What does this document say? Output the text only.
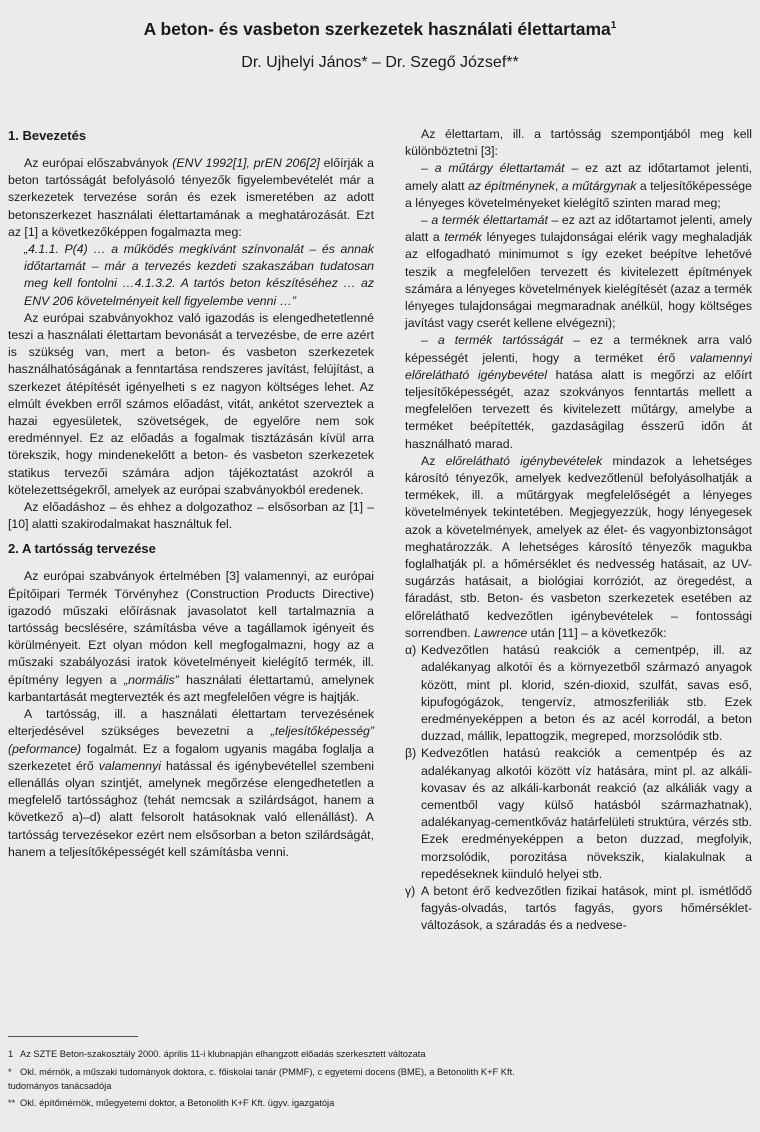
A beton- és vasbeton szerkezetek használati élettartama$^1$
Dr. Ujhelyi János* – Dr. Szegő József**
1. Bevezetés

Az európai előszabványok (ENV 1992[1], prEN 206[2] előírják a beton tartósságát befolyásoló tényezők figyelembevételét már a szerkezetek tervezése során és ezek ismeretében az adott betonszerkezet használati élettartamának a meghatározását. Ezt az [1] a következőképpen fogalmazta meg:

„4.1.1. P(4) … a működés megkívánt színvonalát – és annak időtartamát – már a tervezés kezdeti szakaszában tudatosan meg kell fontolni …4.1.3.2. A tartós beton készítéséhez … az ENV 206 követelményeit kell figyelembe venni …”

Az európai szabványokhoz való igazodás is elengedhetetlenné teszi a használati élettartam bevonását a tervezésbe, de erre azért is szükség van, mert a beton- és vasbeton szerkezetek használhatóságának a fenntartása rendszeres javítást, felújítást, a szerkezet átépítését igényelheti s ez nagyon költséges lehet. Az elmúlt években erről számos előadást, vitát, ankétot szerveztek a hazai egyesületek, szövetségek, de egyelőre nem sok eredménnyel. Ez az előadás a fogalmak tisztázásán kívül arra törekszik, hogy mindenekelőtt a beton- és vasbeton szerkezetek statikus tervezői számára adjon tájékoztatást azokról a kötelezettségekről, amelyek az európai szabványokból eredenek.

Az előadáshoz – és ehhez a dolgozathoz – elsősorban az [1] – [10] alatti szakirodalmakat használtuk fel.

2. A tartósság tervezése

Az európai szabványok értelmében [3] valamennyi, az európai Építőipari Termék Törvényhez (Construction Products Directive) igazodó műszaki előírásnak javasolatot kell tartalmaznia a tartósság becslésére, számításba véve a tagállamok igényeit és körülményeit. Ezt olyan módon kell megfogalmazni, hogy az a műszaki szabályozási iratok követelményeit kielégítő termék, ill. építmény legyen a „normális” használati élettartamú, amelynek karbantartását megtervezték és azt megfelelően végre is hajtják.

A tartósság, ill. a használati élettartam tervezésének elterjedésével szükséges bevezetni a „teljesítőképesség” (peformance) fogalmát. Ez a fogalom ugyanis magába foglalja a szerkezetet érő valamennyi hatással és igénybevétellel szembeni ellenállás olyan szintjét, amelynek megőrzése elengedhetetlen a megfelelő tartóssághoz (tehát nemcsak a szilárdságot, hanem a következő a)–d) alatt felsorolt hatásoknak való ellenállást). A tartósság tervezésekor ezért nem elsősorban a beton szilárdságát, hanem a teljesítőképességét kell számításba venni.

Az élettartam, ill. a tartósság szempontjából meg kell különböztetni [3]:

– a műtárgy élettartamát – ez azt az időtartamot jelenti, amely alatt az építménynek, a műtárgynak a teljesítőképessége a lényeges követelményeket kielégítő szinten marad meg;

– a termék élettartamát – ez azt az időtartamot jelenti, amely alatt a termék lényeges tulajdonságai elérik vagy meghaladják az elfogadható minimumot s így ezeket beépítve lehetővé teszik a megfelelően tervezett és kivitelezett építmények számára a lényeges követelmények kielégítését (azaz a termék lényeges tulajdonságai megmaradnak anélkül, hogy költséges javítást vagy cserét kellene elvégezni);

– a termék tartósságát – ez a terméknek arra való képességét jelenti, hogy a terméket érő valamennyi előrelátható igénybevétel hatása alatt is megőrzi az előírt teljesítőképességét, azaz szokványos fenntartás mellett a megfelelően tervezett és kivitelezett műtárgy, amelybe a terméket beépítették, gazdaságilag ésszerű időn át használható marad.

Az előrelátható igénybevételek mindazok a lehetséges károsító tényezők, amelyek kedvezőtlenül befolyásolhatják a termékek, ill. a műtárgyak megfelelőségét a lényeges követelmények tekintetében. Megjegyezzük, hogy lényegesek azok a követelmények, amelyek az élet- és vagyonbiztonságot meghatározzák. A lehetséges károsító tényezők magukba foglalhatják pl. a hőmérséklet és nedvesség hatásait, az UV-sugárzás hatásait, a biológiai korróziót, az öregedést, a fáradást, stb. Beton- és vasbeton szerkezetek esetében az előreláthatő kedvezőtlen igénybevételek – fontossági sorrendben. Lawrence után [11] – a következők:

α) Kedvezőtlen hatású reakciók a cementpép, ill. az adalékanyag alkotói és a környezetből származó anyagok között, mint pl. klorid, szén-dioxid, szulfát, savas eső, kipufogógázok, tengervíz, atmoszferiliák stb. Ezek eredményeképpen a beton és az acél korrodál, a beton duzzad, mállik, lepattogzik, megreped, morzsolódik stb.

β) Kedvezőtlen hatású reakciók a cementpép és az adalékanyag alkotói között víz hatására, mint pl. az alkáli-kovasav és az alkáli-karbonát reakció (az alkáliák vagy a cementből vagy külső hatásból származhatnak), adalékanyag-cementkőváz határfelületi struktúra, vérzés stb. Ezek eredményeképpen a beton duzzad, megfolyik, morzsolódik, porozitása növekszik, kialakulnak a repedéseknek kiinduló helyei stb.

γ) A betont érő kedvezőtlen fizikai hatások, mint pl. ismétlődő fagyás-olvadás, tartós fagyás, gyors hőmérséklet-változások, a száradás és a nedvese-

1 Az SZTE Beton-szakosztály 2000. április 11-i klubnapján elhangzott előadás szerkesztett változata
* Okl. mérnök, a műszaki tudományok doktora, c. főiskolai tanár (PMMF), c egyetemi docens (BME), a Betonolith K+F Kft.
tudományos tanácsadója
** Okl. építőmérnök, műegyetemi doktor, a Betonolith K+F Kft. ügyv. igazgatója
